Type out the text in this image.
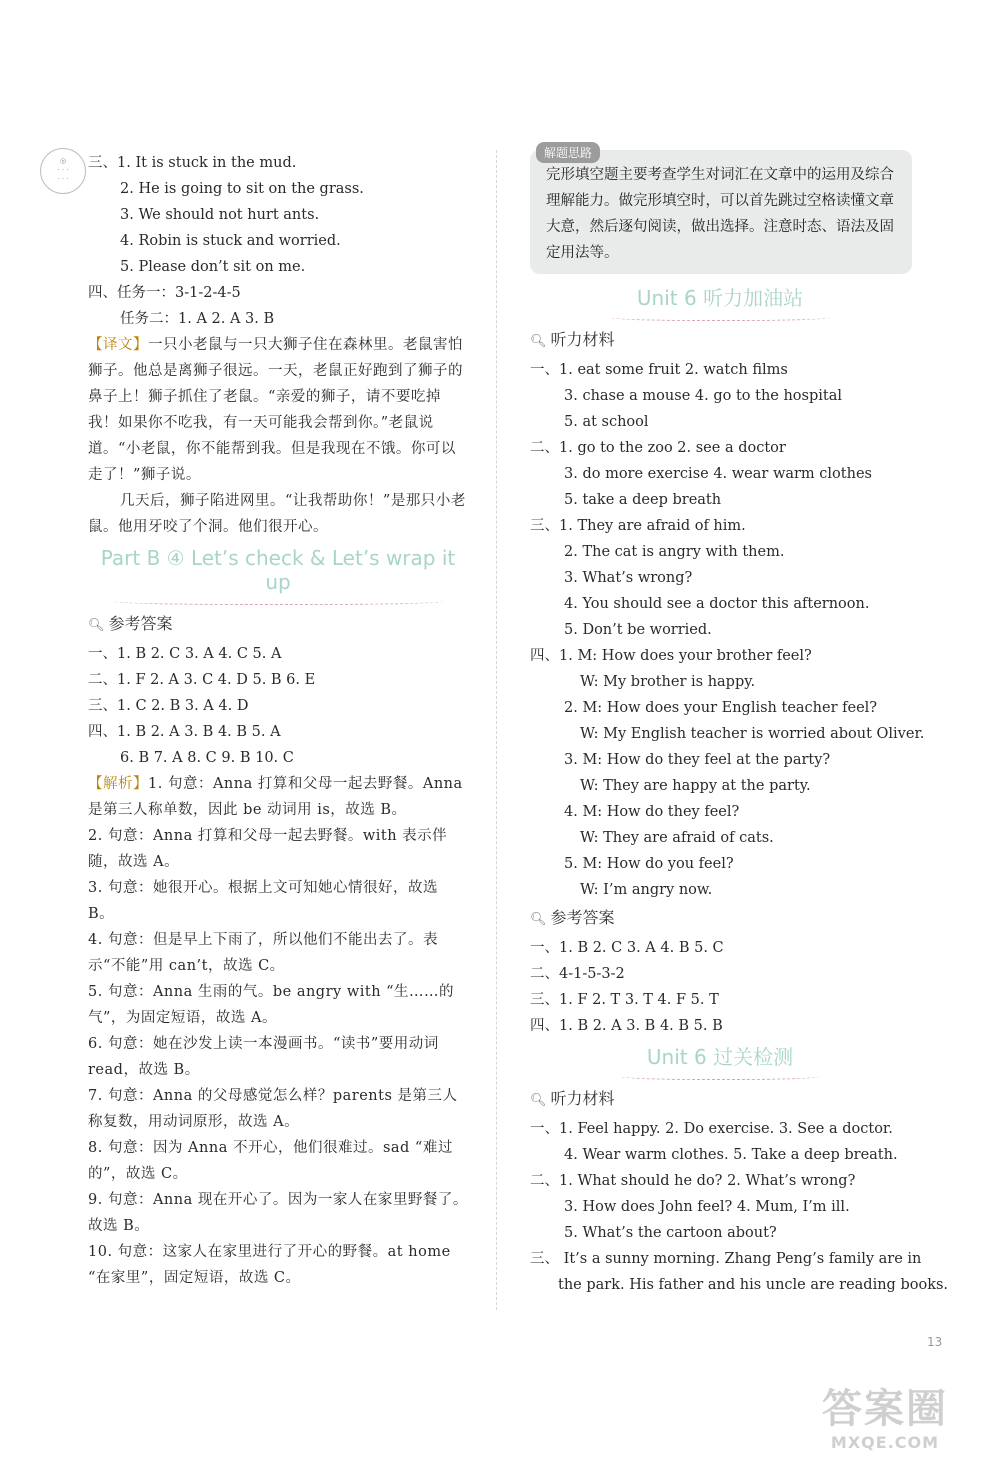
◎
· · ·
· · ·
三、1. It is stuck in the mud.
2. He is going to sit on the grass.
3. We should not hurt ants.
4. Robin is stuck and worried.
5. Please don’t sit on me.
四、任务一：3-1-2-4-5
任务二：1. A 2. A 3. B
【译文】一只小老鼠与一只大狮子住在森林里。老鼠害怕狮子。他总是离狮子很远。一天，老鼠正好跑到了狮子的鼻子上！狮子抓住了老鼠。“亲爱的狮子，请不要吃掉我！如果你不吃我，有一天可能我会帮到你。”老鼠说道。“小老鼠，你不能帮到我。但是我现在不饿。你可以走了！”狮子说。
几天后，狮子陷进网里。“让我帮助你！”是那只小老鼠。他用牙咬了个洞。他们很开心。
Part B ④ Let’s check & Let’s wrap it up
🔍︎ 参考答案
一、1. B 2. C 3. A 4. C 5. A
二、1. F 2. A 3. C 4. D 5. B 6. E
三、1. C 2. B 3. A 4. D
四、1. B 2. A 3. B 4. B 5. A
6. B 7. A 8. C 9. B 10. C
【解析】1. 句意：Anna 打算和父母一起去野餐。Anna 是第三人称单数，因此 be 动词用 is，故选 B。
2. 句意：Anna 打算和父母一起去野餐。with 表示伴随，故选 A。
3. 句意：她很开心。根据上文可知她心情很好，故选 B。
4. 句意：但是早上下雨了，所以他们不能出去了。表示“不能”用 can’t，故选 C。
5. 句意：Anna 生雨的气。be angry with “生……的气”，为固定短语，故选 A。
6. 句意：她在沙发上读一本漫画书。“读书”要用动词 read，故选 B。
7. 句意：Anna 的父母感觉怎么样？parents 是第三人称复数，用动词原形，故选 A。
8. 句意：因为 Anna 不开心，他们很难过。sad “难过的”，故选 C。
9. 句意：Anna 现在开心了。因为一家人在家里野餐了。故选 B。
10. 句意：这家人在家里进行了开心的野餐。at home “在家里”，固定短语，故选 C。
解题思路
完形填空题主要考查学生对词汇在文章中的运用及综合理解能力。做完形填空时，可以首先跳过空格读懂文章大意，然后逐句阅读，做出选择。注意时态、语法及固定用法等。
Unit 6 听力加油站
🔍︎ 听力材料
一、1. eat some fruit 2. watch films
3. chase a mouse 4. go to the hospital
5. at school
二、1. go to the zoo 2. see a doctor
3. do more exercise 4. wear warm clothes
5. take a deep breath
三、1. They are afraid of him.
2. The cat is angry with them.
3. What’s wrong?
4. You should see a doctor this afternoon.
5. Don’t be worried.
四、1. M: How does your brother feel?
W: My brother is happy.
2. M: How does your English teacher feel?
W: My English teacher is worried about Oliver.
3. M: How do they feel at the party?
W: They are happy at the party.
4. M: How do they feel?
W: They are afraid of cats.
5. M: How do you feel?
W: I’m angry now.
🔍︎ 参考答案
一、1. B 2. C 3. A 4. B 5. C
二、4-1-5-3-2
三、1. F 2. T 3. T 4. F 5. T
四、1. B 2. A 3. B 4. B 5. B
Unit 6 过关检测
🔍︎ 听力材料
一、1. Feel happy. 2. Do exercise. 3. See a doctor.
4. Wear warm clothes. 5. Take a deep breath.
二、1. What should he do? 2. What’s wrong?
3. How does John feel? 4. Mum, I’m ill.
5. What’s the cartoon about?
三、 It’s a sunny morning. Zhang Peng’s family are in
the park. His father and his uncle are reading books.
13
答案圈
MXQE.COM
